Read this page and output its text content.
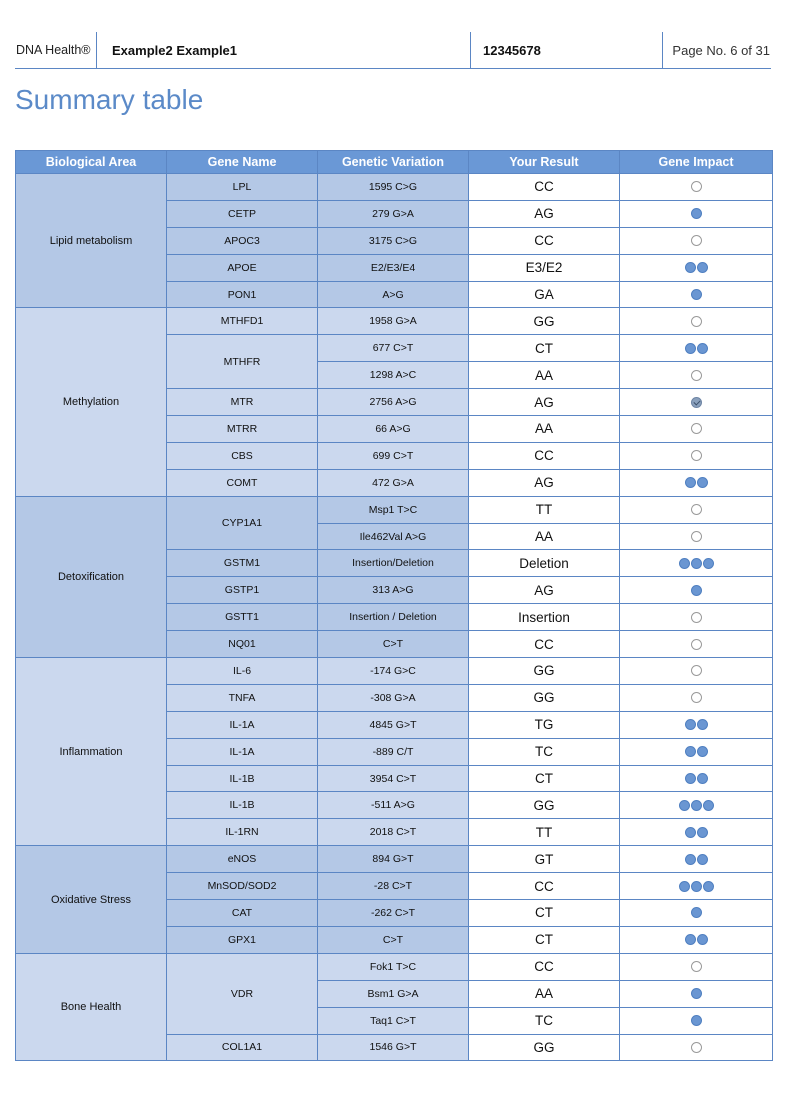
DNA Health® Example2 Example1	12345678	Page No. 6 of 31
Summary table
Biological Area	Gene Name	Genetic Variation	Your Result	Gene Impact
Lipid metabolism	LPL	1595 C>G	CC	
	CETP	279 G>A	AG	
	APOC3	3175 C>G	CC	
	APOE	E2/E3/E4	E3/E2	
	PON1	A>G	GA	
Methylation	MTHFD1	1958 G>A	GG	
	MTHFR	677 C>T	CT	
		1298 A>C	AA	
	MTR	2756 A>G	AG	
	MTRR	66 A>G	AA	
	CBS	699 C>T	CC	
	COMT	472 G>A	AG	
Detoxification	CYP1A1	Msp1 T>C	TT	
		Ile462Val A>G	AA	
	GSTM1	Insertion/Deletion	Deletion	
	GSTP1	313 A>G	AG	
	GSTT1	Insertion / Deletion	Insertion	
	NQ01	C>T	CC	
Inflammation	IL-6	-174 G>C	GG	
	TNFA	-308 G>A	GG	
	IL-1A	4845 G>T	TG	
	IL-1A	-889 C/T	TC	
	IL-1B	3954 C>T	CT	
	IL-1B	-511 A>G	GG	
	IL-1RN	2018 C>T	TT	
Oxidative Stress	eNOS	894 G>T	GT	
	MnSOD/SOD2	-28 C>T	CC	
	CAT	-262 C>T	CT	
	GPX1	C>T	CT	
Bone Health	VDR	Fok1 T>C	CC	
		Bsm1 G>A	AA	
		Taq1 C>T	TC	
	COL1A1	1546 G>T	GG	
